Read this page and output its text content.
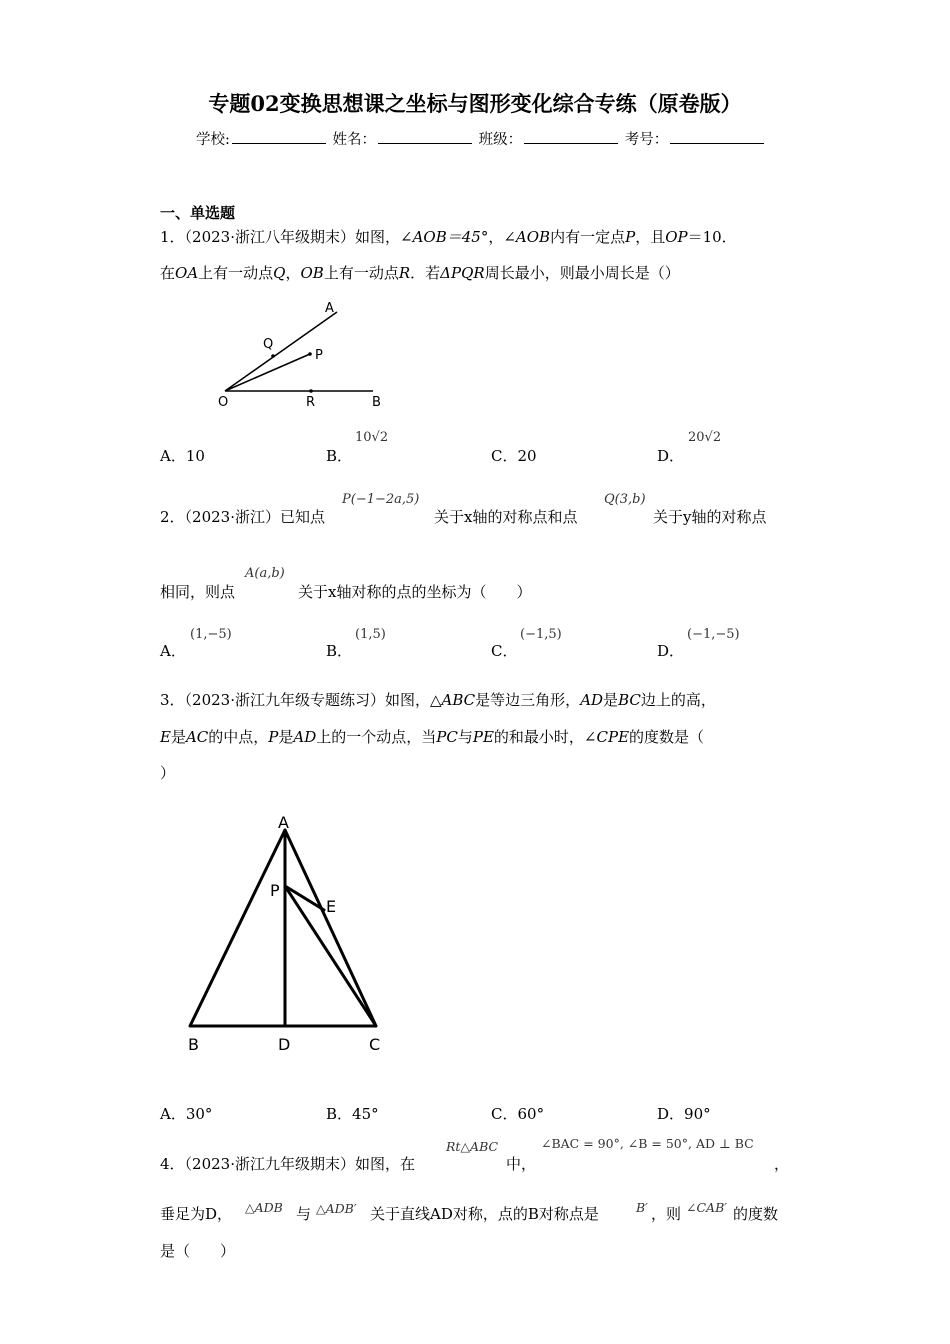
专题02变换思想课之坐标与图形变化综合专练（原卷版）
学校:	姓名：	班级：	考号：
一、单选题
1．（2023·浙江八年级期末）如图，∠AOB＝45°，∠AOB内有一定点P，且OP＝10．
在OA上有一动点Q，OB上有一动点R．若ΔPQR周长最小，则最小周长是（）
A
Q
P
O	R	B
A．10	B．
10√2
C．20	D．
20√2
2．（2023·浙江）已知点
P(−1−2a,5)
关于x轴的对称点和点
Q(3,b)
关于y轴的对称点
相同，则点
A(a,b)
关于x轴对称的点的坐标为（　　）
A．
(1,−5)
B．
(1,5)
C．
(−1,5)
D．
(−1,−5)
3．（2023·浙江九年级专题练习）如图，△ABC是等边三角形，AD是BC边上的高，
E是AC的中点，P是AD上的一个动点，当PC与PE的和最小时，∠CPE的度数是（
）
A
P
E
B	D	C
A．30°	B．45°	C．60°	D．90°
4．（2023·浙江九年级期末）如图，在
Rt△ABC
中，
∠BAC = 90°, ∠B = 50°, AD ⊥ BC
，
垂足为D， △ADB 与 △ADB′ 关于直线AD对称，点的B对称点是	B′ ，则 ∠CAB′ 的度数
是（　　）
